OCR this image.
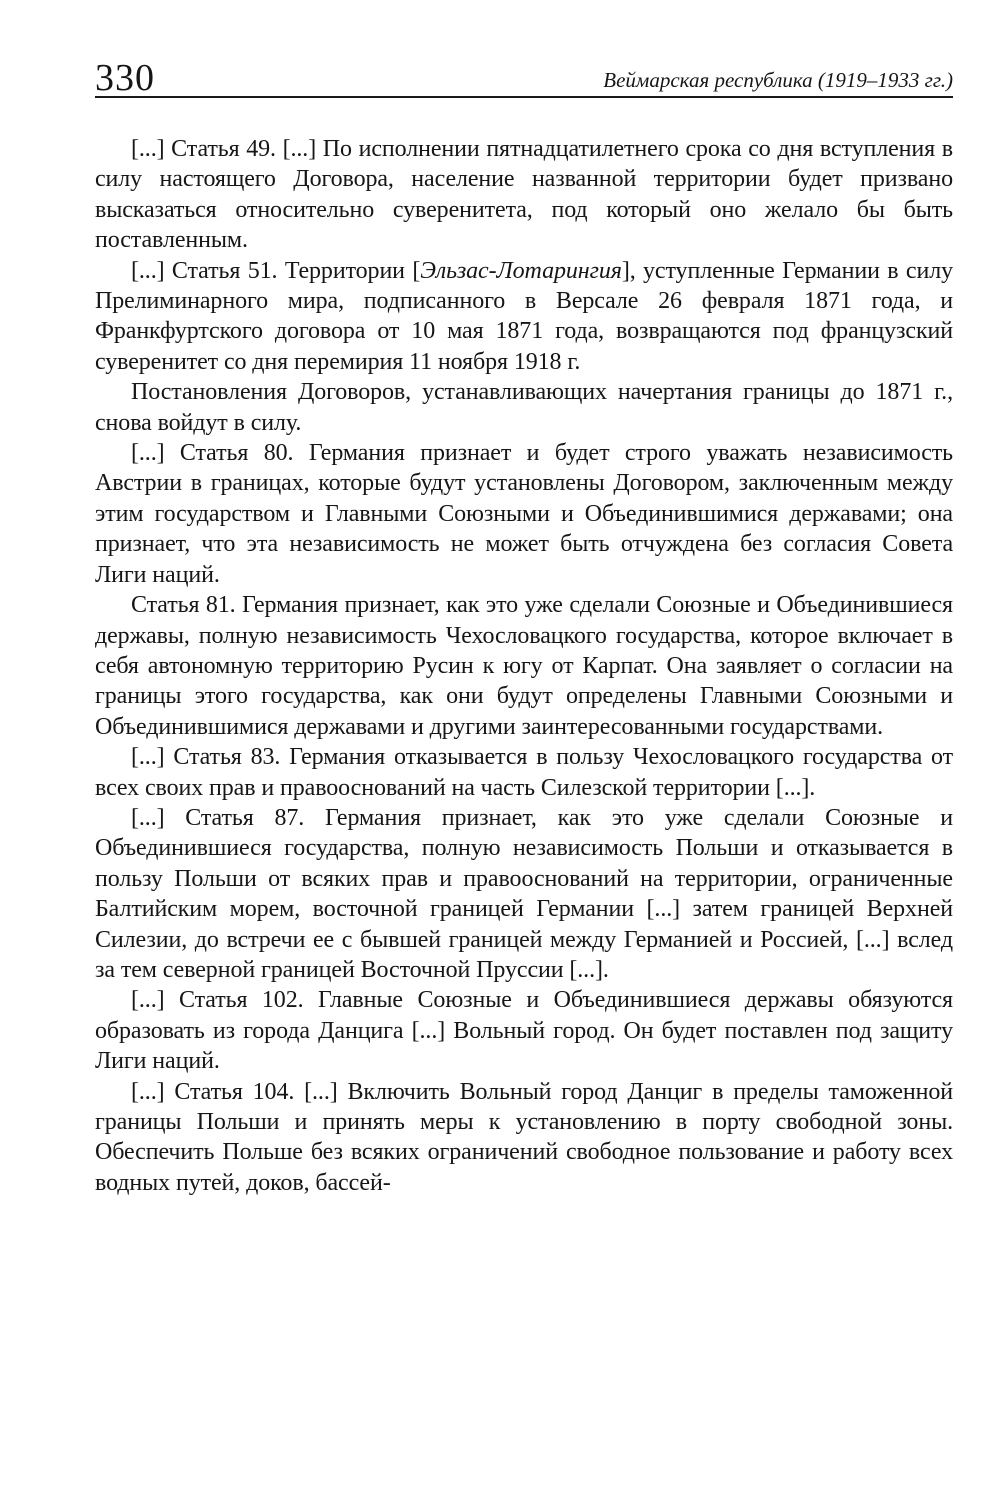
330	Веймарская республика (1919–1933 гг.)

[...] Статья 49. [...] По исполнении пятнадцатилетнего срока со дня вступления в силу настоящего Договора, население названной территории будет призвано высказаться относительно суверенитета, под который оно желало бы быть поставленным.

[...] Статья 51. Территории [Эльзас-Лотарингия], уступленные Германии в силу Прелиминарного мира, подписанного в Версале 26 февраля 1871 года, и Франкфуртского договора от 10 мая 1871 года, возвращаются под французский суверенитет со дня перемирия 11 ноября 1918 г.

Постановления Договоров, устанавливающих начертания границы до 1871 г., снова войдут в силу.

[...] Статья 80. Германия признает и будет строго уважать независимость Австрии в границах, которые будут установлены Договором, заключенным между этим государством и Главными Союзными и Объединившимися державами; она признает, что эта независимость не может быть отчуждена без согласия Совета Лиги наций.

Статья 81. Германия признает, как это уже сделали Союзные и Объединившиеся державы, полную независимость Чехословацкого государства, которое включает в себя автономную территорию Русин к югу от Карпат. Она заявляет о согласии на границы этого государства, как они будут определены Главными Союзными и Объединившимися державами и другими заинтересованными государствами.

[...] Статья 83. Германия отказывается в пользу Чехословацкого государства от всех своих прав и правооснований на часть Силезской территории [...].

[...] Статья 87. Германия признает, как это уже сделали Союзные и Объединившиеся государства, полную независимость Польши и отказывается в пользу Польши от всяких прав и правооснований на территории, ограниченные Балтийским морем, восточной границей Германии [...] затем границей Верхней Силезии, до встречи ее с бывшей границей между Германией и Россией, [...] вслед за тем северной границей Восточной Пруссии [...].

[...] Статья 102. Главные Союзные и Объединившиеся державы обязуются образовать из города Данцига [...] Вольный город. Он будет поставлен под защиту Лиги наций.

[...] Статья 104. [...] Включить Вольный город Данциг в пределы таможенной границы Польши и принять меры к установлению в порту свободной зоны. Обеспечить Польше без всяких ограничений свободное пользование и работу всех водных путей, доков, бассей-
